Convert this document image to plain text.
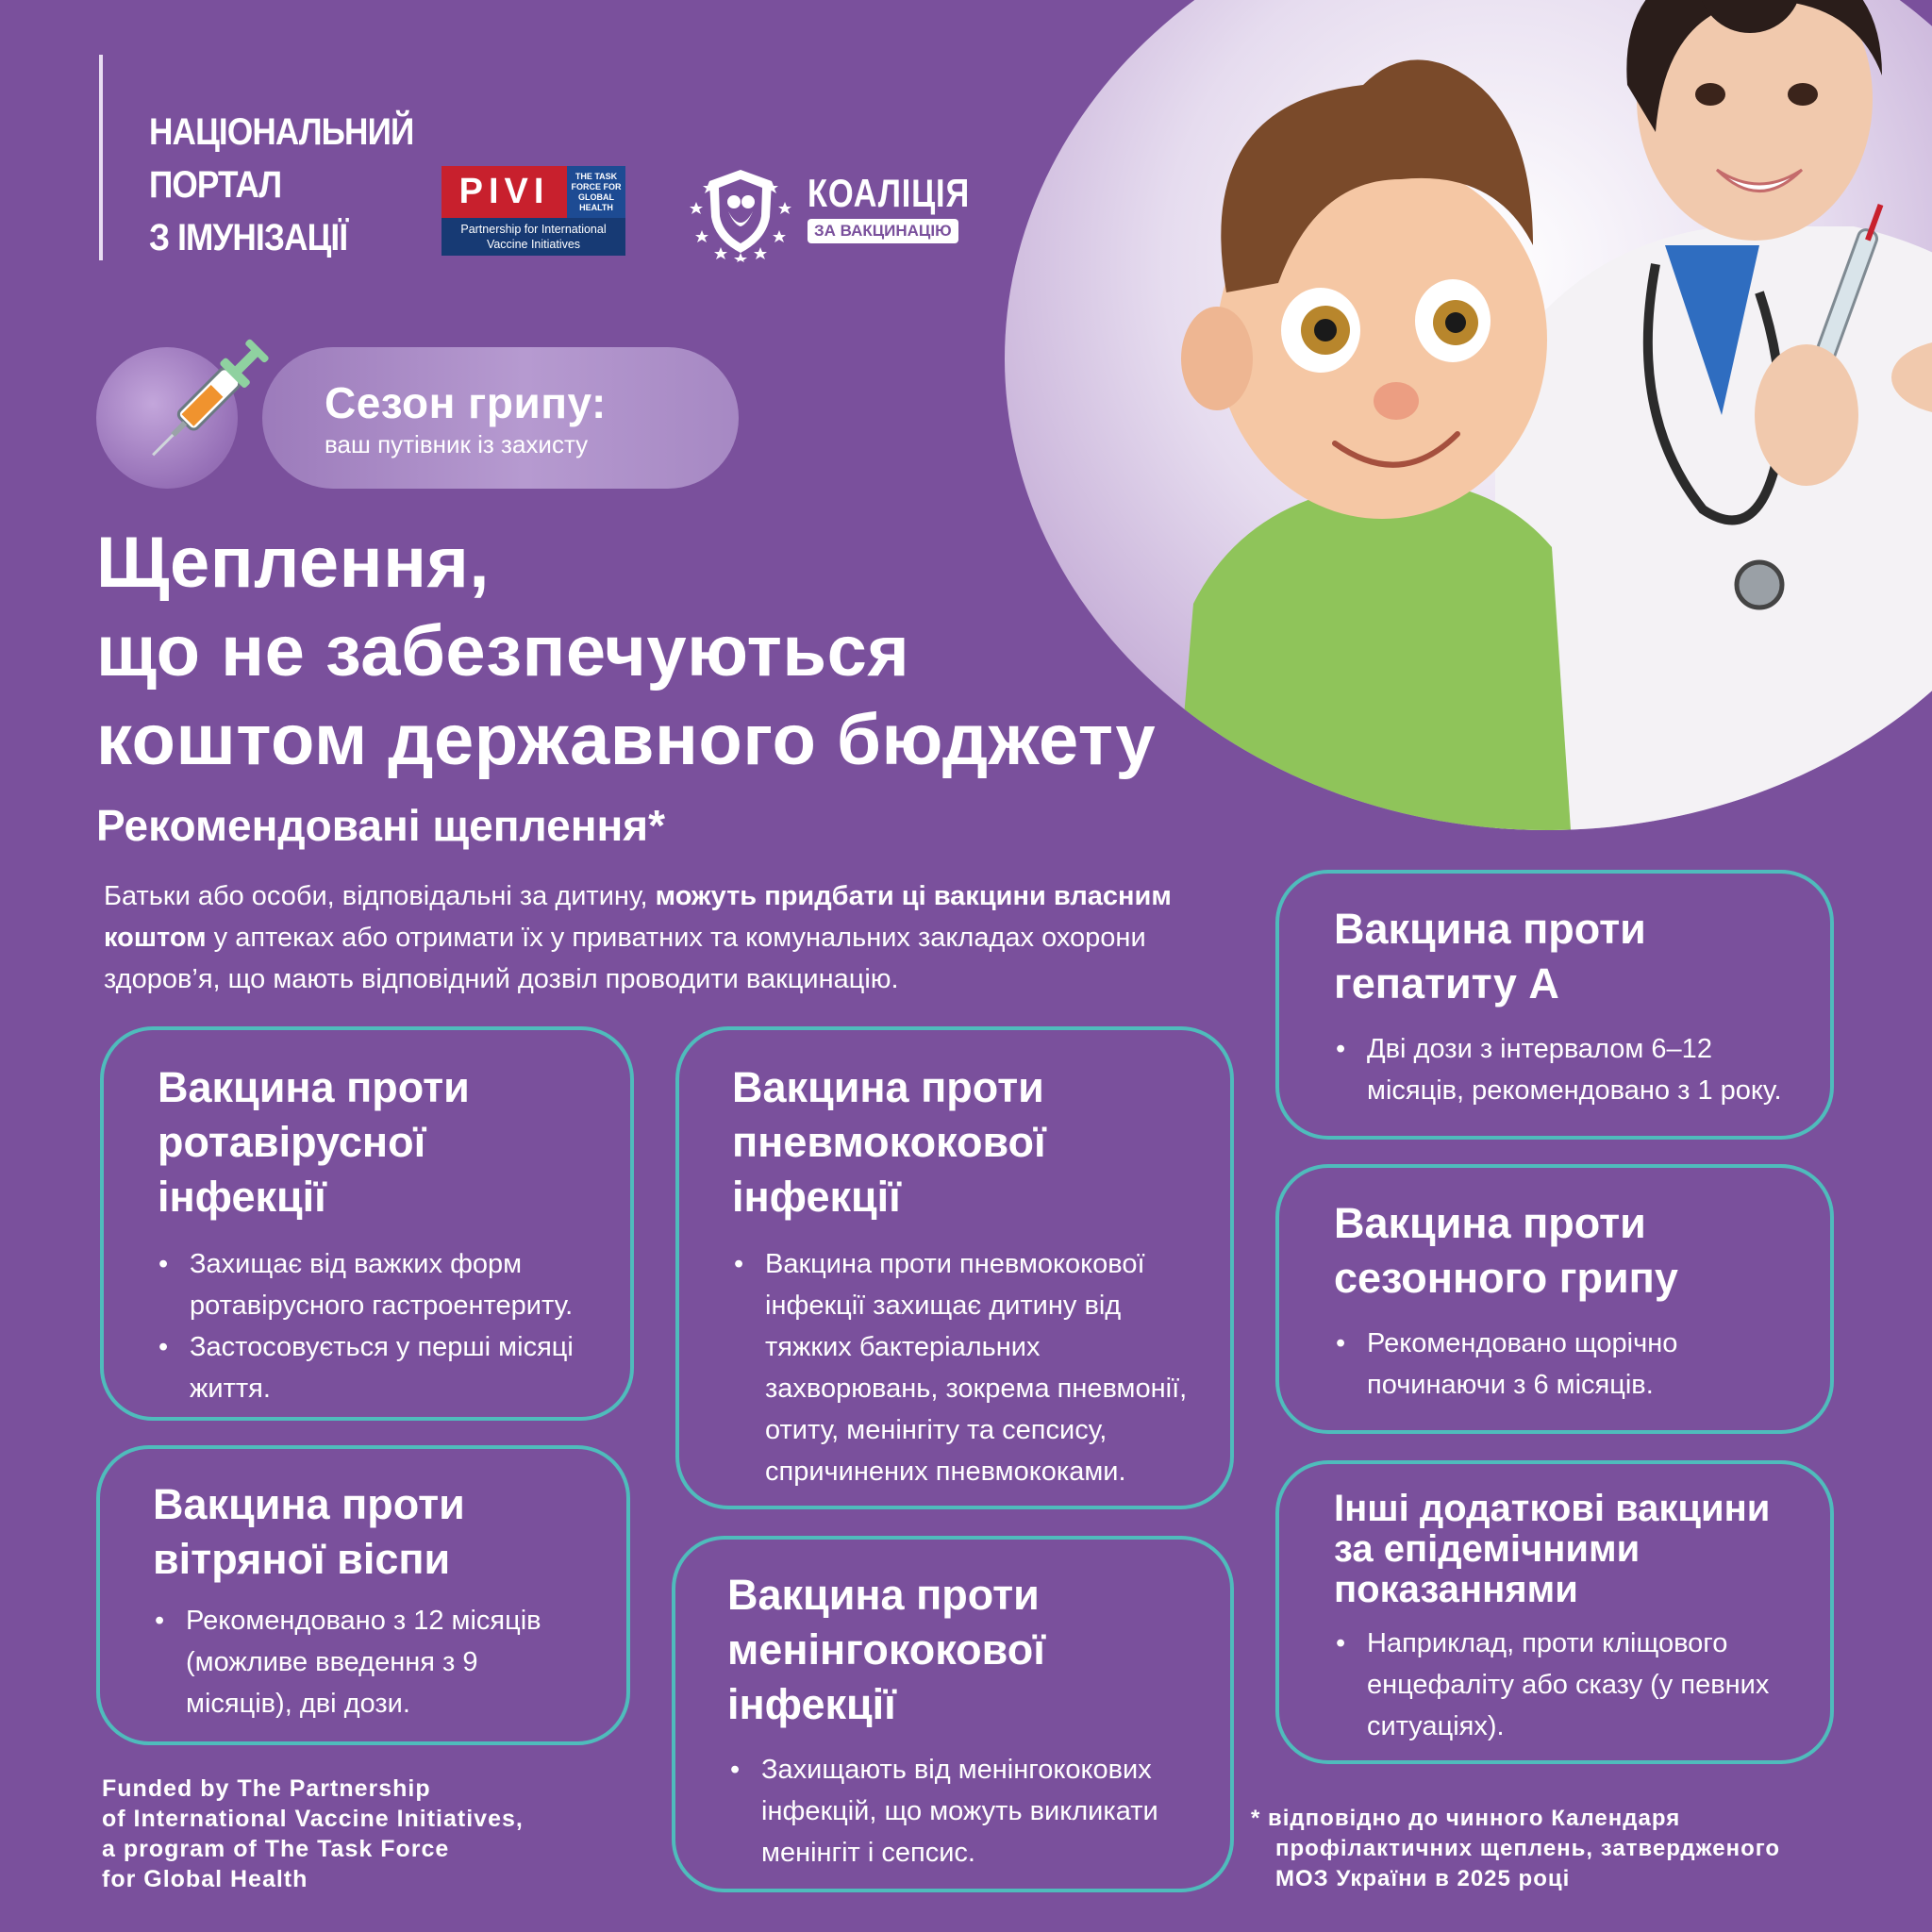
НАЦІОНАЛЬНИЙ
ПОРТАЛ
З ІМУНІЗАЦІЇ
PIVI	THE TASK FORCE FOR GLOBAL HEALTH
Partnership for International
Vaccine Initiatives
КОАЛІЦІЯ
ЗА ВАКЦИНАЦІЮ
Сезон грипу:
ваш путівник із захисту
Щеплення,
що не забезпечуються
коштом державного бюджету
Рекомендовані щеплення*
Батьки або особи, відповідальні за дитину, можуть придбати ці вакцини власним коштом у аптеках або отримати їх у приватних та комунальних закладах охорони здоров’я, що мають відповідний дозвіл проводити вакцинацію.
Вакцина проти
ротавірусної
інфекції
• Захищає від важких форм ротавірусного гастроентериту.
• Застосовується у перші місяці життя.
Вакцина проти
пневмококової
інфекції
• Вакцина проти пневмококової інфекції захищає дитину від тяжких бактеріальних захворювань, зокрема пневмонії, отиту, менінгіту та сепсису, спричинених пневмококами.
Вакцина проти
гепатиту А
• Дві дози з інтервалом 6–12 місяців, рекомендовано з 1 року.
Вакцина проти
сезонного грипу
• Рекомендовано щорічно починаючи з 6 місяців.
Вакцина проти
вітряної віспи
• Рекомендовано з 12 місяців (можливе введення з 9 місяців), дві дози.
Вакцина проти
менінгококової
інфекції
• Захищають від менінгококових інфекцій, що можуть викликати менінгіт і сепсис.
Інші додаткові вакцини
за епідемічними
показаннями
• Наприклад, проти кліщового енцефаліту або сказу (у певних ситуаціях).
Funded by The Partnership
of International Vaccine Initiatives,
a program of The Task Force
for Global Health
* відповідно до чинного Календаря
профілактичних щеплень, затвердженого
МОЗ України в 2025 році
